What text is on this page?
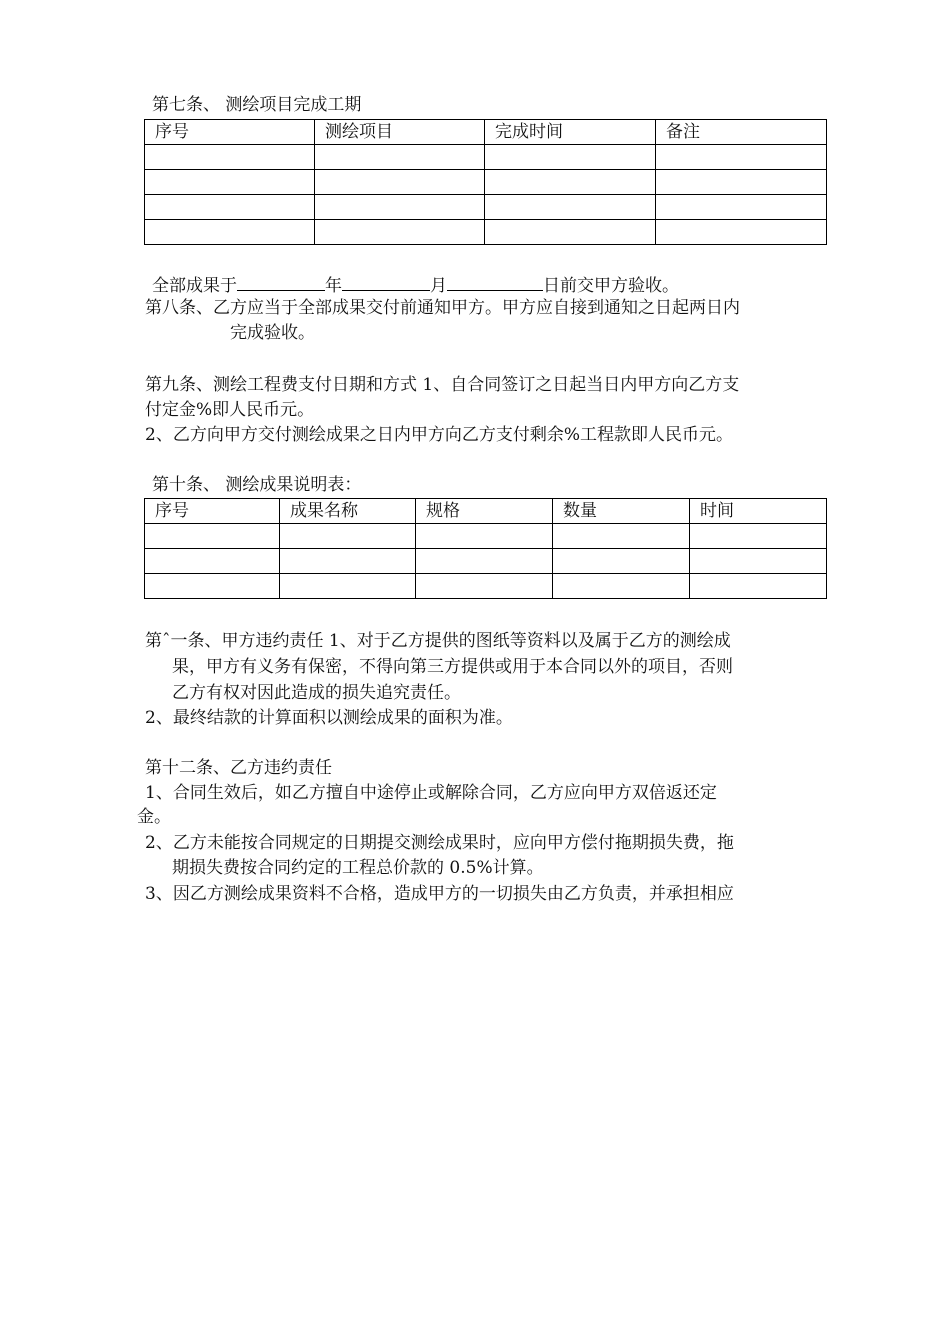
第七条、 测绘项目完成工期
序号	测绘项目	完成时间	备注

全部成果于	年	月	日前交甲方验收。
第八条、乙方应当于全部成果交付前通知甲方。甲方应自接到通知之日起两日内
完成验收。
第九条、测绘工程费支付日期和方式 1、自合同签订之日起当日内甲方向乙方支
付定金%即人民币元。
2、乙方向甲方交付测绘成果之日内甲方向乙方支付剩余%工程款即人民币元。
第十条、 测绘成果说明表：
序号	成果名称	规格	数量	时间

第ˆ一条、甲方违约责任 1、对于乙方提供的图纸等资料以及属于乙方的测绘成
果，甲方有义务有保密，不得向第三方提供或用于本合同以外的项目，否则
乙方有权对因此造成的损失追究责任。
2、最终结款的计算面积以测绘成果的面积为准。
第十二条、乙方违约责任
1、合同生效后，如乙方擅自中途停止或解除合同，乙方应向甲方双倍返还定
金。
2、乙方未能按合同规定的日期提交测绘成果时，应向甲方偿付拖期损失费，拖
期损失费按合同约定的工程总价款的 0.5%计算。
3、因乙方测绘成果资料不合格，造成甲方的一切损失由乙方负责，并承担相应
